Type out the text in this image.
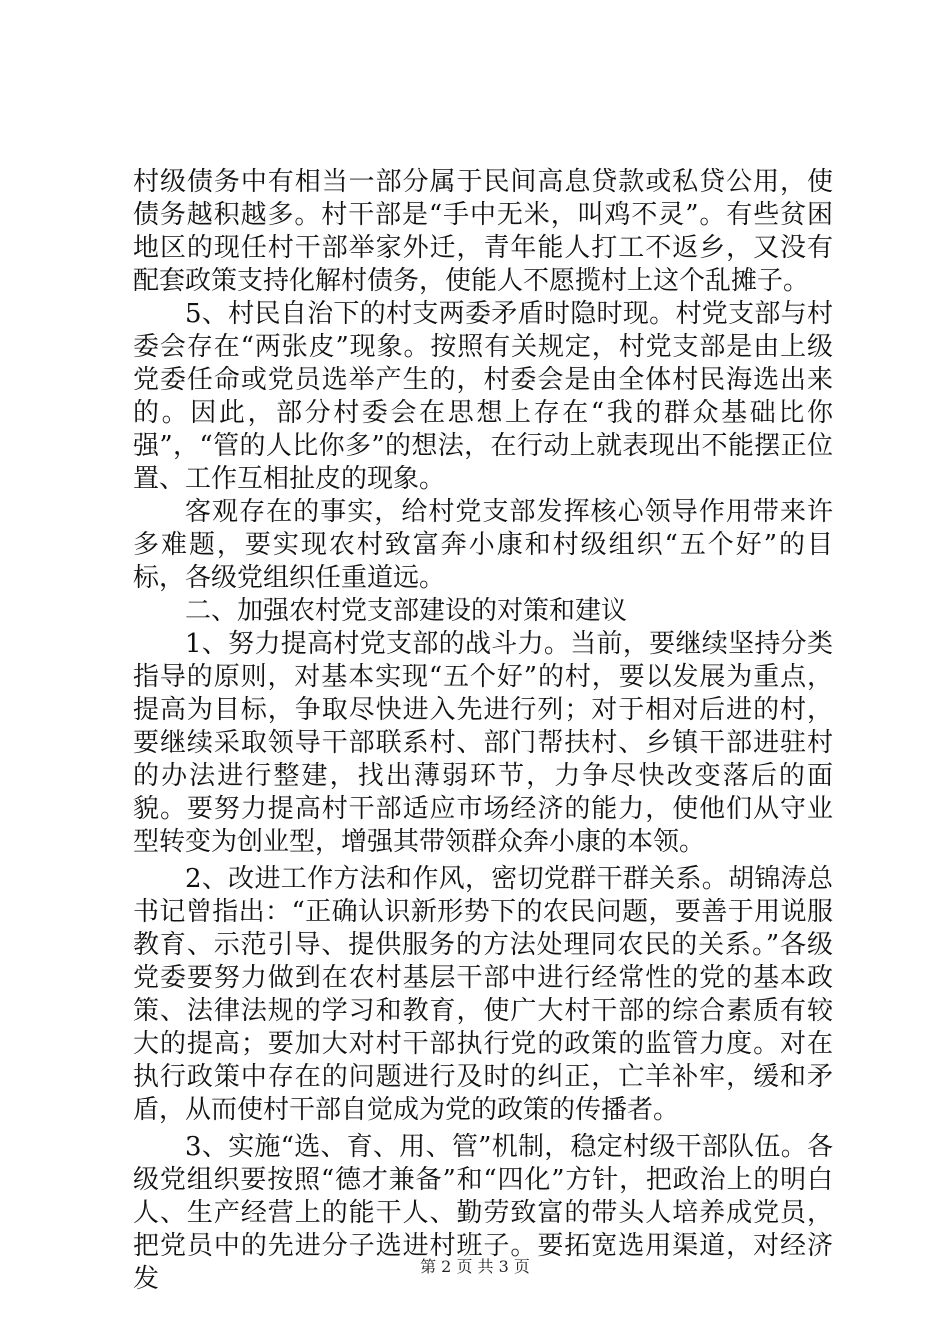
村级债务中有相当一部分属于民间高息贷款或私贷公用，使债务越积越多。村干部是“手中无米，叫鸡不灵”。有些贫困地区的现任村干部举家外迁，青年能人打工不返乡，又没有配套政策支持化解村债务，使能人不愿揽村上这个乱摊子。

5、村民自治下的村支两委矛盾时隐时现。村党支部与村委会存在“两张皮”现象。按照有关规定，村党支部是由上级党委任命或党员选举产生的，村委会是由全体村民海选出来的。因此，部分村委会在思想上存在“我的群众基础比你强”，“管的人比你多”的想法，在行动上就表现出不能摆正位置、工作互相扯皮的现象。

客观存在的事实，给村党支部发挥核心领导作用带来许多难题，要实现农村致富奔小康和村级组织“五个好”的目标，各级党组织任重道远。

二、加强农村党支部建设的对策和建议

1、努力提高村党支部的战斗力。当前，要继续坚持分类指导的原则，对基本实现“五个好”的村，要以发展为重点，提高为目标，争取尽快进入先进行列；对于相对后进的村，要继续采取领导干部联系村、部门帮扶村、乡镇干部进驻村的办法进行整建，找出薄弱环节，力争尽快改变落后的面貌。要努力提高村干部适应市场经济的能力，使他们从守业型转变为创业型，增强其带领群众奔小康的本领。

2、改进工作方法和作风，密切党群干群关系。胡锦涛总书记曾指出：“正确认识新形势下的农民问题，要善于用说服教育、示范引导、提供服务的方法处理同农民的关系。”各级党委要努力做到在农村基层干部中进行经常性的党的基本政策、法律法规的学习和教育，使广大村干部的综合素质有较大的提高；要加大对村干部执行党的政策的监管力度。对在执行政策中存在的问题进行及时的纠正，亡羊补牢，缓和矛盾，从而使村干部自觉成为党的政策的传播者。

3、实施“选、育、用、管”机制，稳定村级干部队伍。各级党组织要按照“德才兼备”和“四化”方针，把政治上的明白人、生产经营上的能干人、勤劳致富的带头人培养成党员，把党员中的先进分子选进村班子。要拓宽选用渠道，对经济发	第 2 页 共 3 页
